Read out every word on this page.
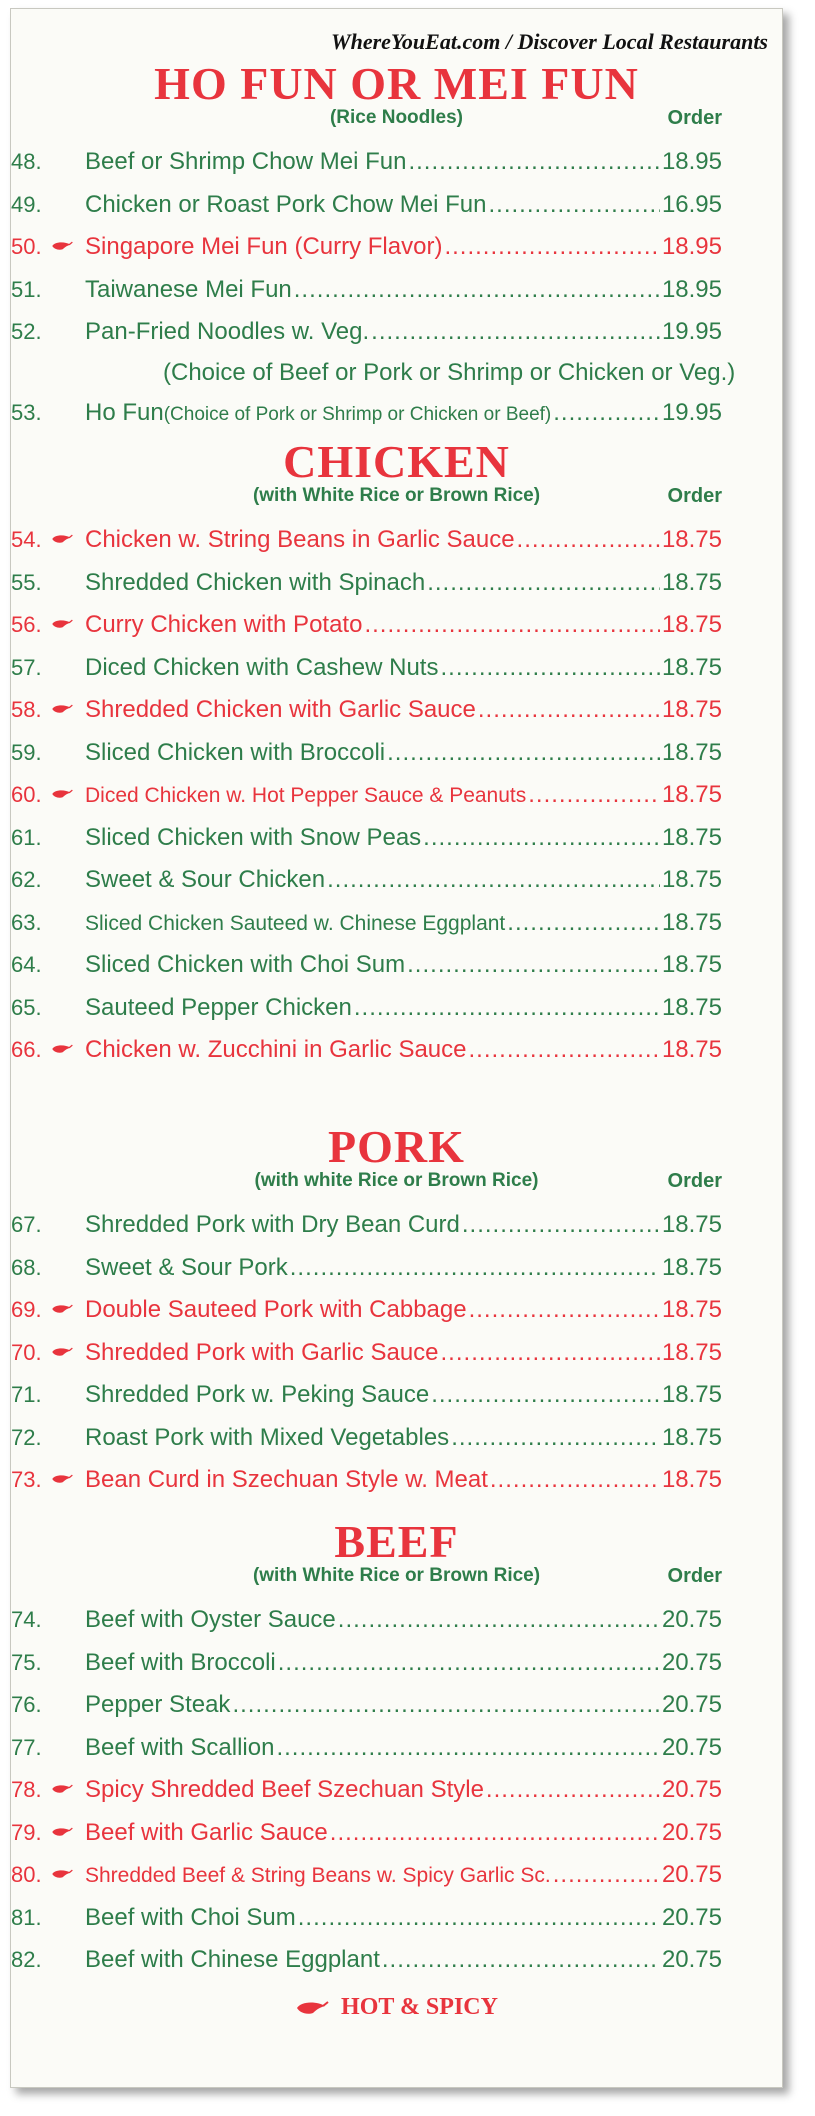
WhereYouEat.com / Discover Local Restaurants
HO FUN OR MEI FUN
(Rice Noodles)	Order
48.	Beef or Shrimp Chow Mei Fun .....	18.95
49.	Chicken or Roast Pork Chow Mei Fun .....	16.95
50.	Singapore Mei Fun (Curry Flavor) .....	18.95
51.	Taiwanese Mei Fun .....	18.95
52.	Pan-Fried Noodles w. Veg. .....	19.95
(Choice of Beef or Pork or Shrimp or Chicken or Veg.)
53.	Ho Fun(Choice of Pork or Shrimp or Chicken or Beef) .....	19.95
CHICKEN
(with White Rice or Brown Rice)	Order
54.	Chicken w. String Beans in Garlic Sauce .....	18.75
55.	Shredded Chicken with Spinach .....	18.75
56.	Curry Chicken with Potato .....	18.75
57.	Diced Chicken with Cashew Nuts .....	18.75
58.	Shredded Chicken with Garlic Sauce .....	18.75
59.	Sliced Chicken with Broccoli .....	18.75
60.	Diced Chicken w. Hot Pepper Sauce & Peanuts .....	18.75
61.	Sliced Chicken with Snow Peas .....	18.75
62.	Sweet & Sour Chicken .....	18.75
63.	Sliced Chicken Sauteed w. Chinese Eggplant .....	18.75
64.	Sliced Chicken with Choi Sum .....	18.75
65.	Sauteed Pepper Chicken .....	18.75
66.	Chicken w. Zucchini in Garlic Sauce .....	18.75
PORK
(with white Rice or Brown Rice)	Order
67.	Shredded Pork with Dry Bean Curd .....	18.75
68.	Sweet & Sour Pork .....	18.75
69.	Double Sauteed Pork with Cabbage .....	18.75
70.	Shredded Pork with Garlic Sauce .....	18.75
71.	Shredded Pork w. Peking Sauce .....	18.75
72.	Roast Pork with Mixed Vegetables .....	18.75
73.	Bean Curd in Szechuan Style w. Meat .....	18.75
BEEF
(with White Rice or Brown Rice)	Order
74.	Beef with Oyster Sauce .....	20.75
75.	Beef with Broccoli .....	20.75
76.	Pepper Steak .....	20.75
77.	Beef with Scallion .....	20.75
78.	Spicy Shredded Beef Szechuan Style .....	20.75
79.	Beef with Garlic Sauce .....	20.75
80.	Shredded Beef & String Beans w. Spicy Garlic Sc. .....	20.75
81.	Beef with Choi Sum .....	20.75
82.	Beef with Chinese Eggplant .....	20.75
HOT & SPICY
